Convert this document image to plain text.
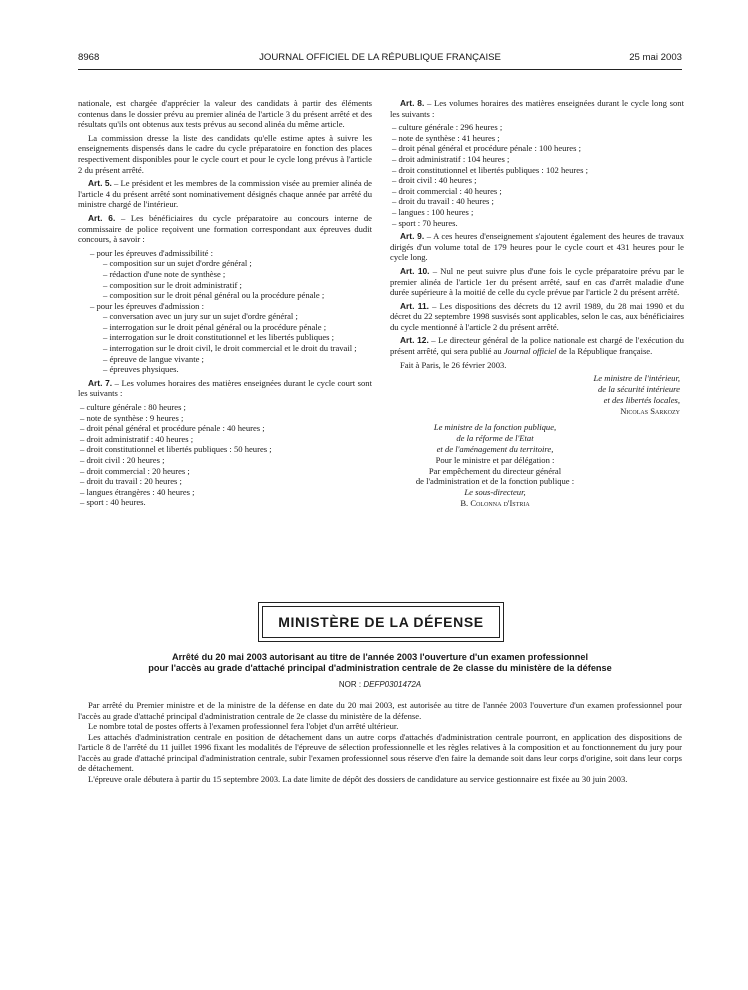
8968	JOURNAL OFFICIEL DE LA RÉPUBLIQUE FRANÇAISE	25 mai 2003

nationale, est chargée d'apprécier la valeur des candidats à partir des éléments contenus dans le dossier prévu au premier alinéa de l'article 3 du présent arrêté et des résultats qu'ils ont obtenus aux tests prévus au second alinéa du même article.

La commission dresse la liste des candidats qu'elle estime aptes à suivre les enseignements dispensés dans le cadre du cycle préparatoire en fonction des places respectivement disponibles pour le cycle court et pour le cycle long prévus à l'article 2 du présent arrêté.

Art. 5. – Le président et les membres de la commission visée au premier alinéa de l'article 4 du présent arrêté sont nominativement désignés chaque année par arrêté du ministre chargé de l'intérieur.

Art. 6. – Les bénéficiaires du cycle préparatoire au concours interne de commissaire de police reçoivent une formation correspondant aux épreuves dudit concours, à savoir :

– pour les épreuves d'admissibilité :
– composition sur un sujet d'ordre général ;
– rédaction d'une note de synthèse ;
– composition sur le droit administratif ;
– composition sur le droit pénal général ou la procédure pénale ;
– pour les épreuves d'admission :
– conversation avec un jury sur un sujet d'ordre général ;
– interrogation sur le droit pénal général ou la procédure pénale ;
– interrogation sur le droit constitutionnel et les libertés publiques ;
– interrogation sur le droit civil, le droit commercial et le droit du travail ;
– épreuve de langue vivante ;
– épreuves physiques.

Art. 7. – Les volumes horaires des matières enseignées durant le cycle court sont les suivants :

– culture générale : 80 heures ;
– note de synthèse : 9 heures ;
– droit pénal général et procédure pénale : 40 heures ;
– droit administratif : 40 heures ;
– droit constitutionnel et libertés publiques : 50 heures ;
– droit civil : 20 heures ;
– droit commercial : 20 heures ;
– droit du travail : 20 heures ;
– langues étrangères : 40 heures ;
– sport : 40 heures.

Art. 8. – Les volumes horaires des matières enseignées durant le cycle long sont les suivants :

– culture générale : 296 heures ;
– note de synthèse : 41 heures ;
– droit pénal général et procédure pénale : 100 heures ;
– droit administratif : 104 heures ;
– droit constitutionnel et libertés publiques : 102 heures ;
– droit civil : 40 heures ;
– droit commercial : 40 heures ;
– droit du travail : 40 heures ;
– langues : 100 heures ;
– sport : 70 heures.

Art. 9. – A ces heures d'enseignement s'ajoutent également des heures de travaux dirigés d'un volume total de 179 heures pour le cycle court et 431 heures pour le cycle long.

Art. 10. – Nul ne peut suivre plus d'une fois le cycle préparatoire prévu par le premier alinéa de l'article 1er du présent arrêté, sauf en cas d'arrêt maladie d'une durée supérieure à la moitié de celle du cycle prévue par l'article 2 du présent arrêté.

Art. 11. – Les dispositions des décrets du 12 avril 1989, du 28 mai 1990 et du décret du 22 septembre 1998 susvisés sont applicables, selon le cas, aux bénéficiaires du cycle mentionné à l'article 2 du présent arrêté.

Art. 12. – Le directeur général de la police nationale est chargé de l'exécution du présent arrêté, qui sera publié au Journal officiel de la République française.

Fait à Paris, le 26 février 2003.

Le ministre de l'intérieur,
de la sécurité intérieure
et des libertés locales,
Nicolas Sarkozy
Le ministre de la fonction publique,
de la réforme de l'Etat
et de l'aménagement du territoire,
Pour le ministre et par délégation :
Par empêchement du directeur général
de l'administration et de la fonction publique :
Le sous-directeur,
B. Colonna d'Istria
MINISTÈRE DE LA DÉFENSE
Arrêté du 20 mai 2003 autorisant au titre de l'année 2003 l'ouverture d'un examen professionnel
pour l'accès au grade d'attaché principal d'administration centrale de 2e classe du ministère de la défense
NOR : DEFP0301472A

Par arrêté du Premier ministre et de la ministre de la défense en date du 20 mai 2003, est autorisée au titre de l'année 2003 l'ouverture d'un examen professionnel pour l'accès au grade d'attaché principal d'administration centrale de 2e classe du ministère de la défense.

Le nombre total de postes offerts à l'examen professionnel fera l'objet d'un arrêté ultérieur.

Les attachés d'administration centrale en position de détachement dans un autre corps d'attachés d'administration centrale pourront, en application des dispositions de l'article 8 de l'arrêté du 11 juillet 1996 fixant les modalités de l'épreuve de sélection professionnelle et les règles relatives à la composition et au fonctionnement du jury pour l'accès au grade d'attaché principal d'administration centrale, subir l'examen professionnel sous réserve d'en faire la demande soit dans leur corps d'origine, soit dans leur corps de détachement.

L'épreuve orale débutera à partir du 15 septembre 2003. La date limite de dépôt des dossiers de candidature au service gestionnaire est fixée au 30 juin 2003.
